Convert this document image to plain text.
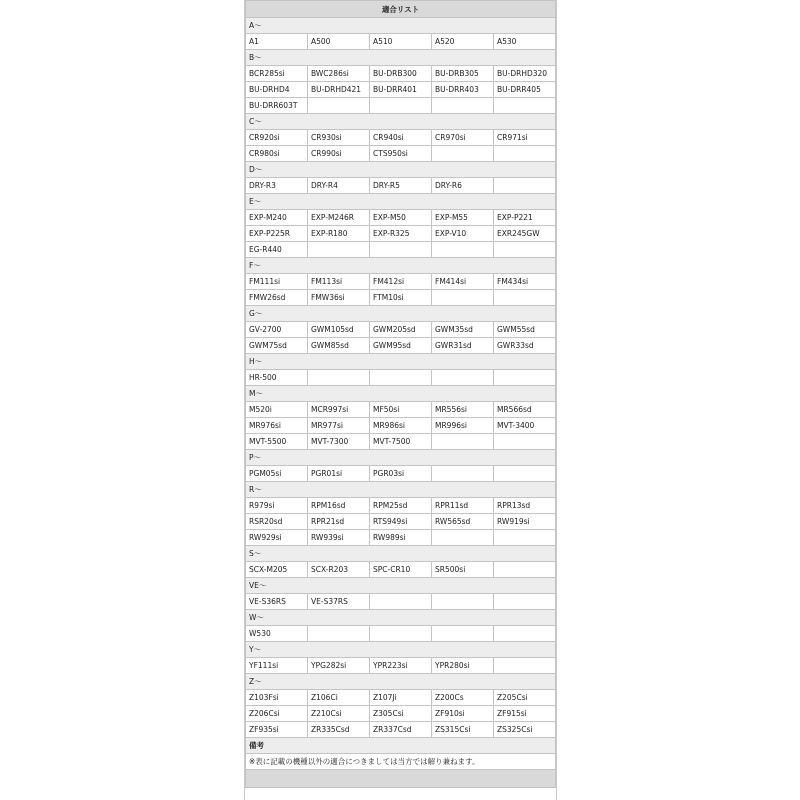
適合リスト				
A〜				
A1	A500	A510	A520	A530
B〜				
BCR285si	BWC286si	BU-DRB300	BU-DRB305	BU-DRHD320
BU-DRHD4	BU-DRHD421	BU-DRR401	BU-DRR403	BU-DRR405
BU-DRR603T				
C〜				
CR920si	CR930si	CR940si	CR970si	CR971si
CR980si	CR990si	CTS950si		
D〜				
DRY-R3	DRY-R4	DRY-R5	DRY-R6	
E〜				
EXP-M240	EXP-M246R	EXP-M50	EXP-M55	EXP-P221
EXP-P225R	EXP-R180	EXP-R325	EXP-V10	EXR245GW
EG-R440				
F〜				
FM111si	FM113si	FM412si	FM414si	FM434si
FMW26sd	FMW36si	FTM10si		
G〜				
GV-2700	GWM105sd	GWM205sd	GWM35sd	GWM55sd
GWM75sd	GWM85sd	GWM95sd	GWR31sd	GWR33sd
H〜				
HR-500				
M〜				
M520i	MCR997si	MF50si	MR556si	MR566sd
MR976si	MR977si	MR986si	MR996si	MVT-3400
MVT-5500	MVT-7300	MVT-7500		
P〜				
PGM05si	PGR01si	PGR03si		
R〜				
R979si	RPM16sd	RPM25sd	RPR11sd	RPR13sd
RSR20sd	RPR21sd	RTS949si	RW565sd	RW919si
RW929si	RW939si	RW989si		
S〜				
SCX-M205	SCX-R203	SPC-CR10	SR500si	
VE〜				
VE-S36RS	VE-S37RS			
W〜				
W530				
Y〜				
YF111si	YPG282si	YPR223si	YPR280si	
Z〜				
Z103Fsi	Z106Ci	Z107Ji	Z200Cs	Z205Csi
Z206Csi	Z210Csi	Z305Csi	ZF910si	ZF915si
ZF935si	ZR335Csd	ZR337Csd	ZS315Csi	ZS325Csi
備考				
※表に記載の機種以外の適合につきましては当方では解り兼ねます。				
